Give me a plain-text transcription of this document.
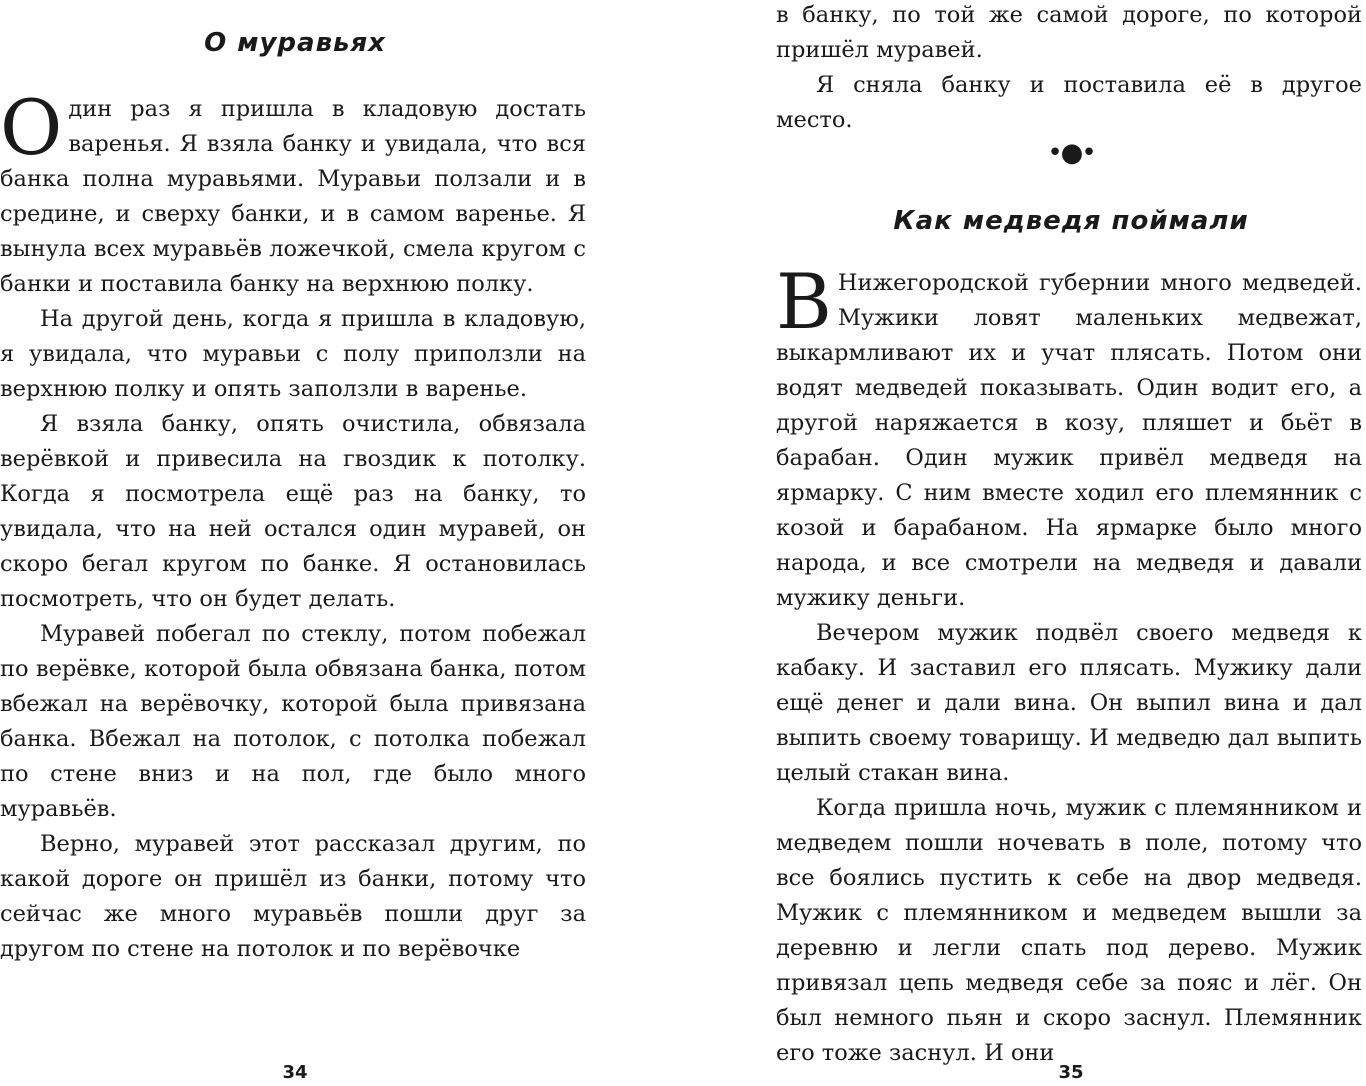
О муравьях

Один раз я пришла в кладовую достать варенья. Я взяла банку и увидала, что вся банка полна муравьями. Муравьи ползали и в средине, и сверху банки, и в самом варенье. Я вынула всех муравьёв ложечкой, смела кругом с банки и поставила банку на верхнюю полку.

На другой день, когда я пришла в кладовую, я увидала, что муравьи с полу приползли на верхнюю полку и опять заползли в варенье.

Я взяла банку, опять очистила, обвязала верёвкой и привесила на гвоздик к потолку. Когда я посмотрела ещё раз на банку, то увидала, что на ней остался один муравей, он скоро бегал кругом по банке. Я остановилась посмотреть, что он будет делать.

Муравей побегал по стеклу, потом побежал по верёвке, которой была обвязана банка, потом вбежал на верёвочку, которой была привязана банка. Вбежал на потолок, с потолка побежал по стене вниз и на пол, где было много муравьёв.

Верно, муравей этот рассказал другим, по какой дороге он пришёл из банки, потому что сейчас же много муравьёв пошли друг за другом по стене на потолок и по верёвочке

34

в банку, по той же самой дороге, по которой пришёл муравей.

Я сняла банку и поставила её в другое место.

•●•
Как медведя поймали

В Нижегородской губернии много медведей. Мужики ловят маленьких медвежат, выкармливают их и учат плясать. Потом они водят медведей показывать. Один водит его, а другой наряжается в козу, пляшет и бьёт в барабан. Один мужик привёл медведя на ярмарку. С ним вместе ходил его племянник с козой и барабаном. На ярмарке было много народа, и все смотрели на медведя и давали мужику деньги.

Вечером мужик подвёл своего медведя к кабаку. И заставил его плясать. Мужику дали ещё денег и дали вина. Он выпил вина и дал выпить своему товарищу. И медведю дал выпить целый стакан вина.

Когда пришла ночь, мужик с племянником и медведем пошли ночевать в поле, потому что все боялись пустить к себе на двор медведя. Мужик с племянником и медведем вышли за деревню и легли спать под дерево. Мужик привязал цепь медведя себе за пояс и лёг. Он был немного пьян и скоро заснул. Племянник его тоже заснул. И они

35
